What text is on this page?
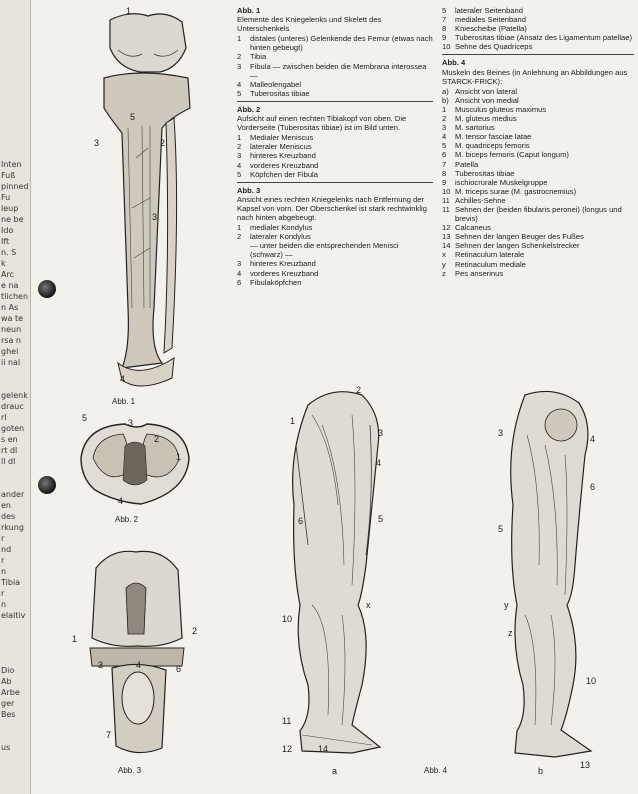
Inten
Fuß
pinned
Fu
leup
ne be
Ido
Ift
n. S
k
Arc
e na
tlichen
n As
wa te
neun
rsa n
ghei
ii nal
gelenk
drauc
rl
goten
s en
rt dl
ll dl
ander
en
des
rkung
r
nd
r
n
Tibia
r
n
elaltiv
Dio
Ab
Arbe
ger
Bes
us
Abb. 1
Elemente des Kniegelenks und Skelett des Unterschenkels
1	distales (unteres) Gelenkende des Femur (etwas nach hinten gebeugt)
2	Tibia
3	Fibula — zwischen beiden die Membrana interossea —
4	Malleolengabel
5	Tuberositas tibiae
Abb. 2
Aufsicht auf einen rechten Tibiakopf von oben. Die Vorderseite (Tuberositas tibiae) ist im Bild unten.
1	Medialer Meniscus
2	lateraler Meniscus
3	hinteres Kreuzband
4	vorderes Kreuzband
5	Köpfchen der Fibula
Abb. 3
Ansicht eines rechten Kniegelenks nach Entfernung der Kapsel von vorn. Der Oberschenkel ist stark rechtwinklig nach hinten abgebeugt.
1	medialer Kondylus
2	lateraler Kondylus
— unter beiden die entsprechenden Menisci (schwarz) —
3	hinteres Kreuzband
4	vorderes Kreuzband
6	Fibulaköpfchen
5	lateraler Seitenband
7	mediales Seitenband
8	Kniescheibe (Patella)
9	Tuberositas tibiae (Ansatz des Ligamentum patellae)
10 Sehne des Quadriceps
Abb. 4
Muskeln des Beines (in Anlehnung an Abbildungen aus STARCK-FRICK):
a) Ansicht von lateral
b) Ansicht von medial
1	Musculus gluteus maximus
2	M. gluteus medius
3	M. sartorius
4	M. tensor fasciae latae
5	M. quadriceps femoris
6	M. biceps femoris (Caput longum)
7	Patella
8	Tuberositas tibiae
9	ischiocrurale Muskelgruppe
10 M. triceps surae (M. gastrocnemius)
11 Achilles-Sehne
11 Sehnen der (beiden fibularis peronei) (longus und brevis)
12 Calcaneus
13 Sehnen der langen Beuger des Fußes
14 Sehnen der langen Schenkelstrecker
x	Retinaculum laterale
y	Retinaculum mediale
z	Pes anserinus
1
5
3	2
3
4
Abb. 1
5	3
2
1
4
Abb. 2
1
2
3	6
4
7
Abb. 3
2
3
1
4
5
6
x
10
11
12	14
a
3
4
5
6
y
z
10
13
b
Abb. 4
